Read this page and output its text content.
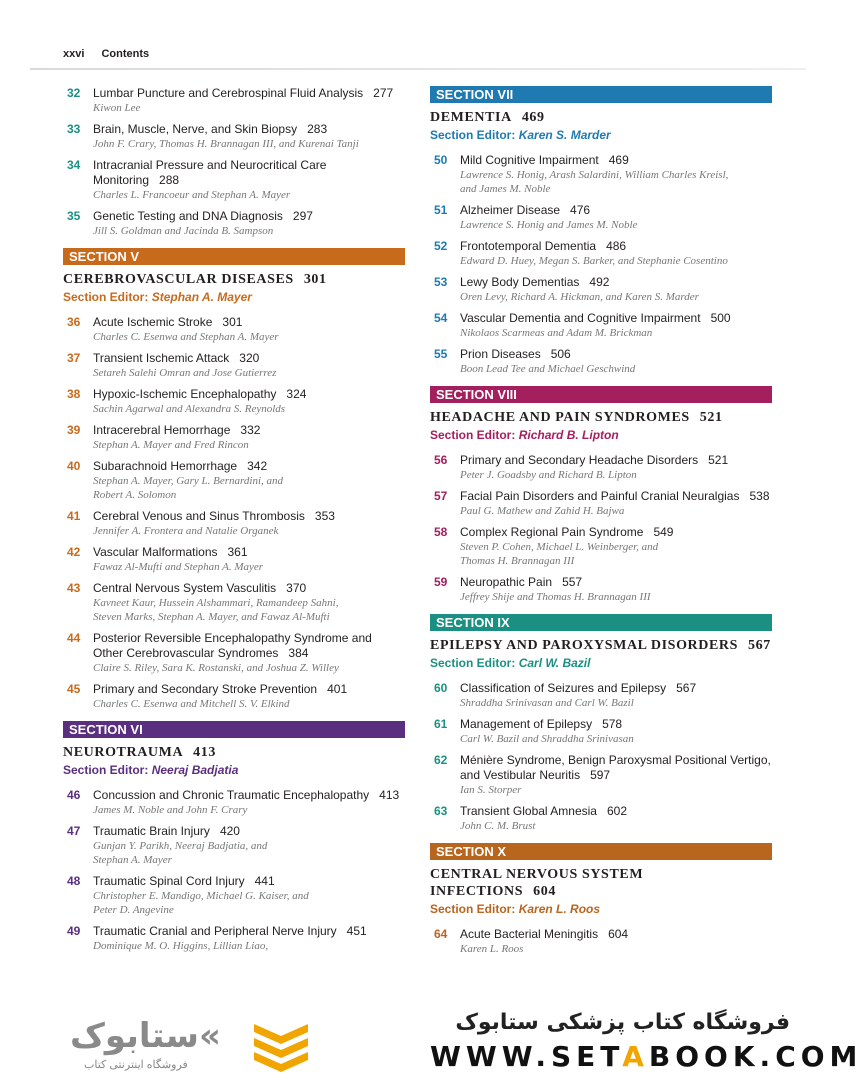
xxvi Contents
32	Lumbar Puncture and Cerebrospinal Fluid Analysis 277
Kiwon Lee
33	Brain, Muscle, Nerve, and Skin Biopsy 283
John F. Crary, Thomas H. Brannagan III, and Kurenai Tanji
34	Intracranial Pressure and Neurocritical Care Monitoring 288
Charles L. Francoeur and Stephan A. Mayer
35	Genetic Testing and DNA Diagnosis 297
Jill S. Goldman and Jacinda B. Sampson
SECTION V
CEREBROVASCULAR DISEASES 301
Section Editor: Stephan A. Mayer
36	Acute Ischemic Stroke 301
Charles C. Esenwa and Stephan A. Mayer
37	Transient Ischemic Attack 320
Setareh Salehi Omran and Jose Gutierrez
38	Hypoxic-Ischemic Encephalopathy 324
Sachin Agarwal and Alexandra S. Reynolds
39	Intracerebral Hemorrhage 332
Stephan A. Mayer and Fred Rincon
40	Subarachnoid Hemorrhage 342
Stephan A. Mayer, Gary L. Bernardini, and
Robert A. Solomon
41	Cerebral Venous and Sinus Thrombosis 353
Jennifer A. Frontera and Natalie Organek
42	Vascular Malformations 361
Fawaz Al-Mufti and Stephan A. Mayer
43	Central Nervous System Vasculitis 370
Kavneet Kaur, Hussein Alshammari, Ramandeep Sahni,
Steven Marks, Stephan A. Mayer, and Fawaz Al-Mufti
44	Posterior Reversible Encephalopathy Syndrome and Other Cerebrovascular Syndromes 384
Claire S. Riley, Sara K. Rostanski, and Joshua Z. Willey
45	Primary and Secondary Stroke Prevention 401
Charles C. Esenwa and Mitchell S. V. Elkind
SECTION VI
NEUROTRAUMA 413
Section Editor: Neeraj Badjatia
46	Concussion and Chronic Traumatic Encephalopathy 413
James M. Noble and John F. Crary
47	Traumatic Brain Injury 420
Gunjan Y. Parikh, Neeraj Badjatia, and
Stephan A. Mayer
48	Traumatic Spinal Cord Injury 441
Christopher E. Mandigo, Michael G. Kaiser, and
Peter D. Angevine
49	Traumatic Cranial and Peripheral Nerve Injury 451
Dominique M. O. Higgins, Lillian Liao,
SECTION VII
DEMENTIA 469
Section Editor: Karen S. Marder
50	Mild Cognitive Impairment 469
Lawrence S. Honig, Arash Salardini, William Charles Kreisl,
and James M. Noble
51	Alzheimer Disease 476
Lawrence S. Honig and James M. Noble
52	Frontotemporal Dementia 486
Edward D. Huey, Megan S. Barker, and Stephanie Cosentino
53	Lewy Body Dementias 492
Oren Levy, Richard A. Hickman, and Karen S. Marder
54	Vascular Dementia and Cognitive Impairment 500
Nikolaos Scarmeas and Adam M. Brickman
55	Prion Diseases 506
Boon Lead Tee and Michael Geschwind
SECTION VIII
HEADACHE AND PAIN SYNDROMES 521
Section Editor: Richard B. Lipton
56	Primary and Secondary Headache Disorders 521
Peter J. Goadsby and Richard B. Lipton
57	Facial Pain Disorders and Painful Cranial Neuralgias 538
Paul G. Mathew and Zahid H. Bajwa
58	Complex Regional Pain Syndrome 549
Steven P. Cohen, Michael L. Weinberger, and
Thomas H. Brannagan III
59	Neuropathic Pain 557
Jeffrey Shije and Thomas H. Brannagan III
SECTION IX
EPILEPSY AND PAROXYSMAL DISORDERS 567
Section Editor: Carl W. Bazil
60	Classification of Seizures and Epilepsy 567
Shraddha Srinivasan and Carl W. Bazil
61	Management of Epilepsy 578
Carl W. Bazil and Shraddha Srinivasan
62	Ménière Syndrome, Benign Paroxysmal Positional Vertigo, and Vestibular Neuritis 597
Ian S. Storper
63	Transient Global Amnesia 602
John C. M. Brust
SECTION X
CENTRAL NERVOUS SYSTEM INFECTIONS 604
Section Editor: Karen L. Roos
64	Acute Bacterial Meningitis 604
Karen L. Roos
ستابوک«
فروشگاه اینترنتی کتاب
فروشگاه کتاب پزشکی ستابوک
WWW.SETABOOK.COM
